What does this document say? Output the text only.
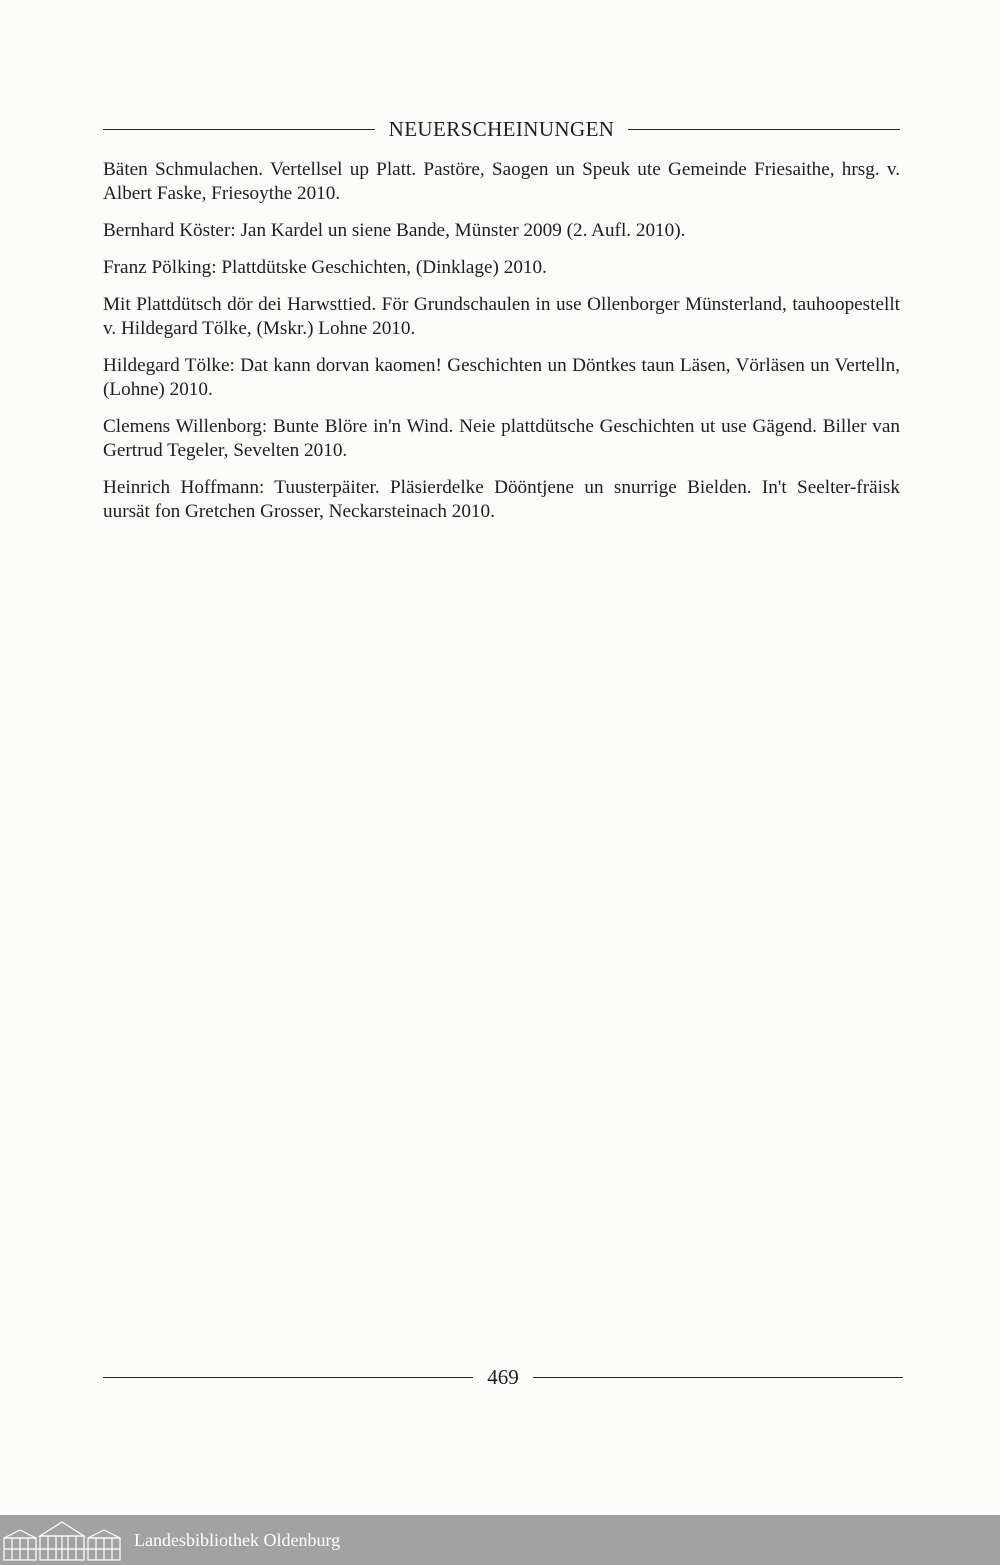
NEUERSCHEINUNGEN

Bäten Schmulachen. Vertellsel up Platt. Pastöre, Saogen un Speuk ute Gemeinde Friesaithe, hrsg. v. Albert Faske, Friesoythe 2010.

Bernhard Köster: Jan Kardel un siene Bande, Münster 2009 (2. Aufl. 2010).

Franz Pölking: Plattdütske Geschichten, (Dinklage) 2010.

Mit Plattdütsch dör dei Harwsttied. För Grundschaulen in use Ollenborger Münsterland, tauhoopestellt v. Hildegard Tölke, (Mskr.) Lohne 2010.

Hildegard Tölke: Dat kann dorvan kaomen! Geschichten un Döntkes taun Läsen, Vörläsen un Vertelln, (Lohne) 2010.

Clemens Willenborg: Bunte Blöre in'n Wind. Neie plattdütsche Geschichten ut use Gägend. Biller van Gertrud Tegeler, Sevelten 2010.

Heinrich Hoffmann: Tuusterpäiter. Pläsierdelke Dööntjene un snurrige Bielden. In't Seelter-fräisk uursät fon Gretchen Grosser, Neckarsteinach 2010.

469
Landesbibliothek Oldenburg
